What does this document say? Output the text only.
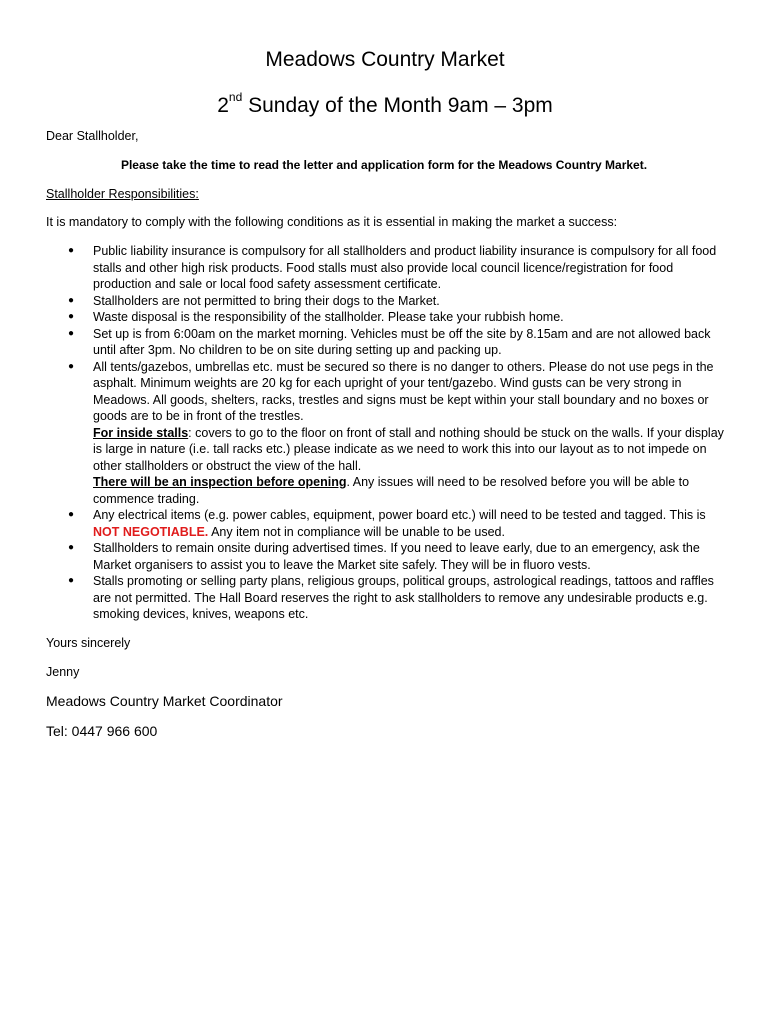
Meadows Country Market
2nd Sunday of the Month 9am – 3pm

Dear Stallholder,

Please take the time to read the letter and application form for the Meadows Country Market.

Stallholder Responsibilities:

It is mandatory to comply with the following conditions as it is essential in making the market a success:

● Public liability insurance is compulsory for all stallholders and product liability insurance is compulsory for all food stalls and other high risk products. Food stalls must also provide local council licence/registration for food production and sale or local food safety assessment certificate.
● Stallholders are not permitted to bring their dogs to the Market.
● Waste disposal is the responsibility of the stallholder. Please take your rubbish home.
● Set up is from 6:00am on the market morning. Vehicles must be off the site by 8.15am and are not allowed back until after 3pm. No children to be on site during setting up and packing up.
● All tents/gazebos, umbrellas etc. must be secured so there is no danger to others. Please do not use pegs in the asphalt. Minimum weights are 20 kg for each upright of your tent/gazebo. Wind gusts can be very strong in Meadows. All goods, shelters, racks, trestles and signs must be kept within your stall boundary and no boxes or goods are to be in front of the trestles.
For inside stalls: covers to go to the floor on front of stall and nothing should be stuck on the walls. If your display is large in nature (i.e. tall racks etc.) please indicate as we need to work this into our layout as to not impede on other stallholders or obstruct the view of the hall.
There will be an inspection before opening. Any issues will need to be resolved before you will be able to commence trading.
● Any electrical items (e.g. power cables, equipment, power board etc.) will need to be tested and tagged. This is NOT NEGOTIABLE. Any item not in compliance will be unable to be used.
● Stallholders to remain onsite during advertised times. If you need to leave early, due to an emergency, ask the Market organisers to assist you to leave the Market site safely. They will be in fluoro vests.
● Stalls promoting or selling party plans, religious groups, political groups, astrological readings, tattoos and raffles are not permitted. The Hall Board reserves the right to ask stallholders to remove any undesirable products e.g. smoking devices, knives, weapons etc.

Yours sincerely

Jenny

Meadows Country Market Coordinator

Tel: 0447 966 600
